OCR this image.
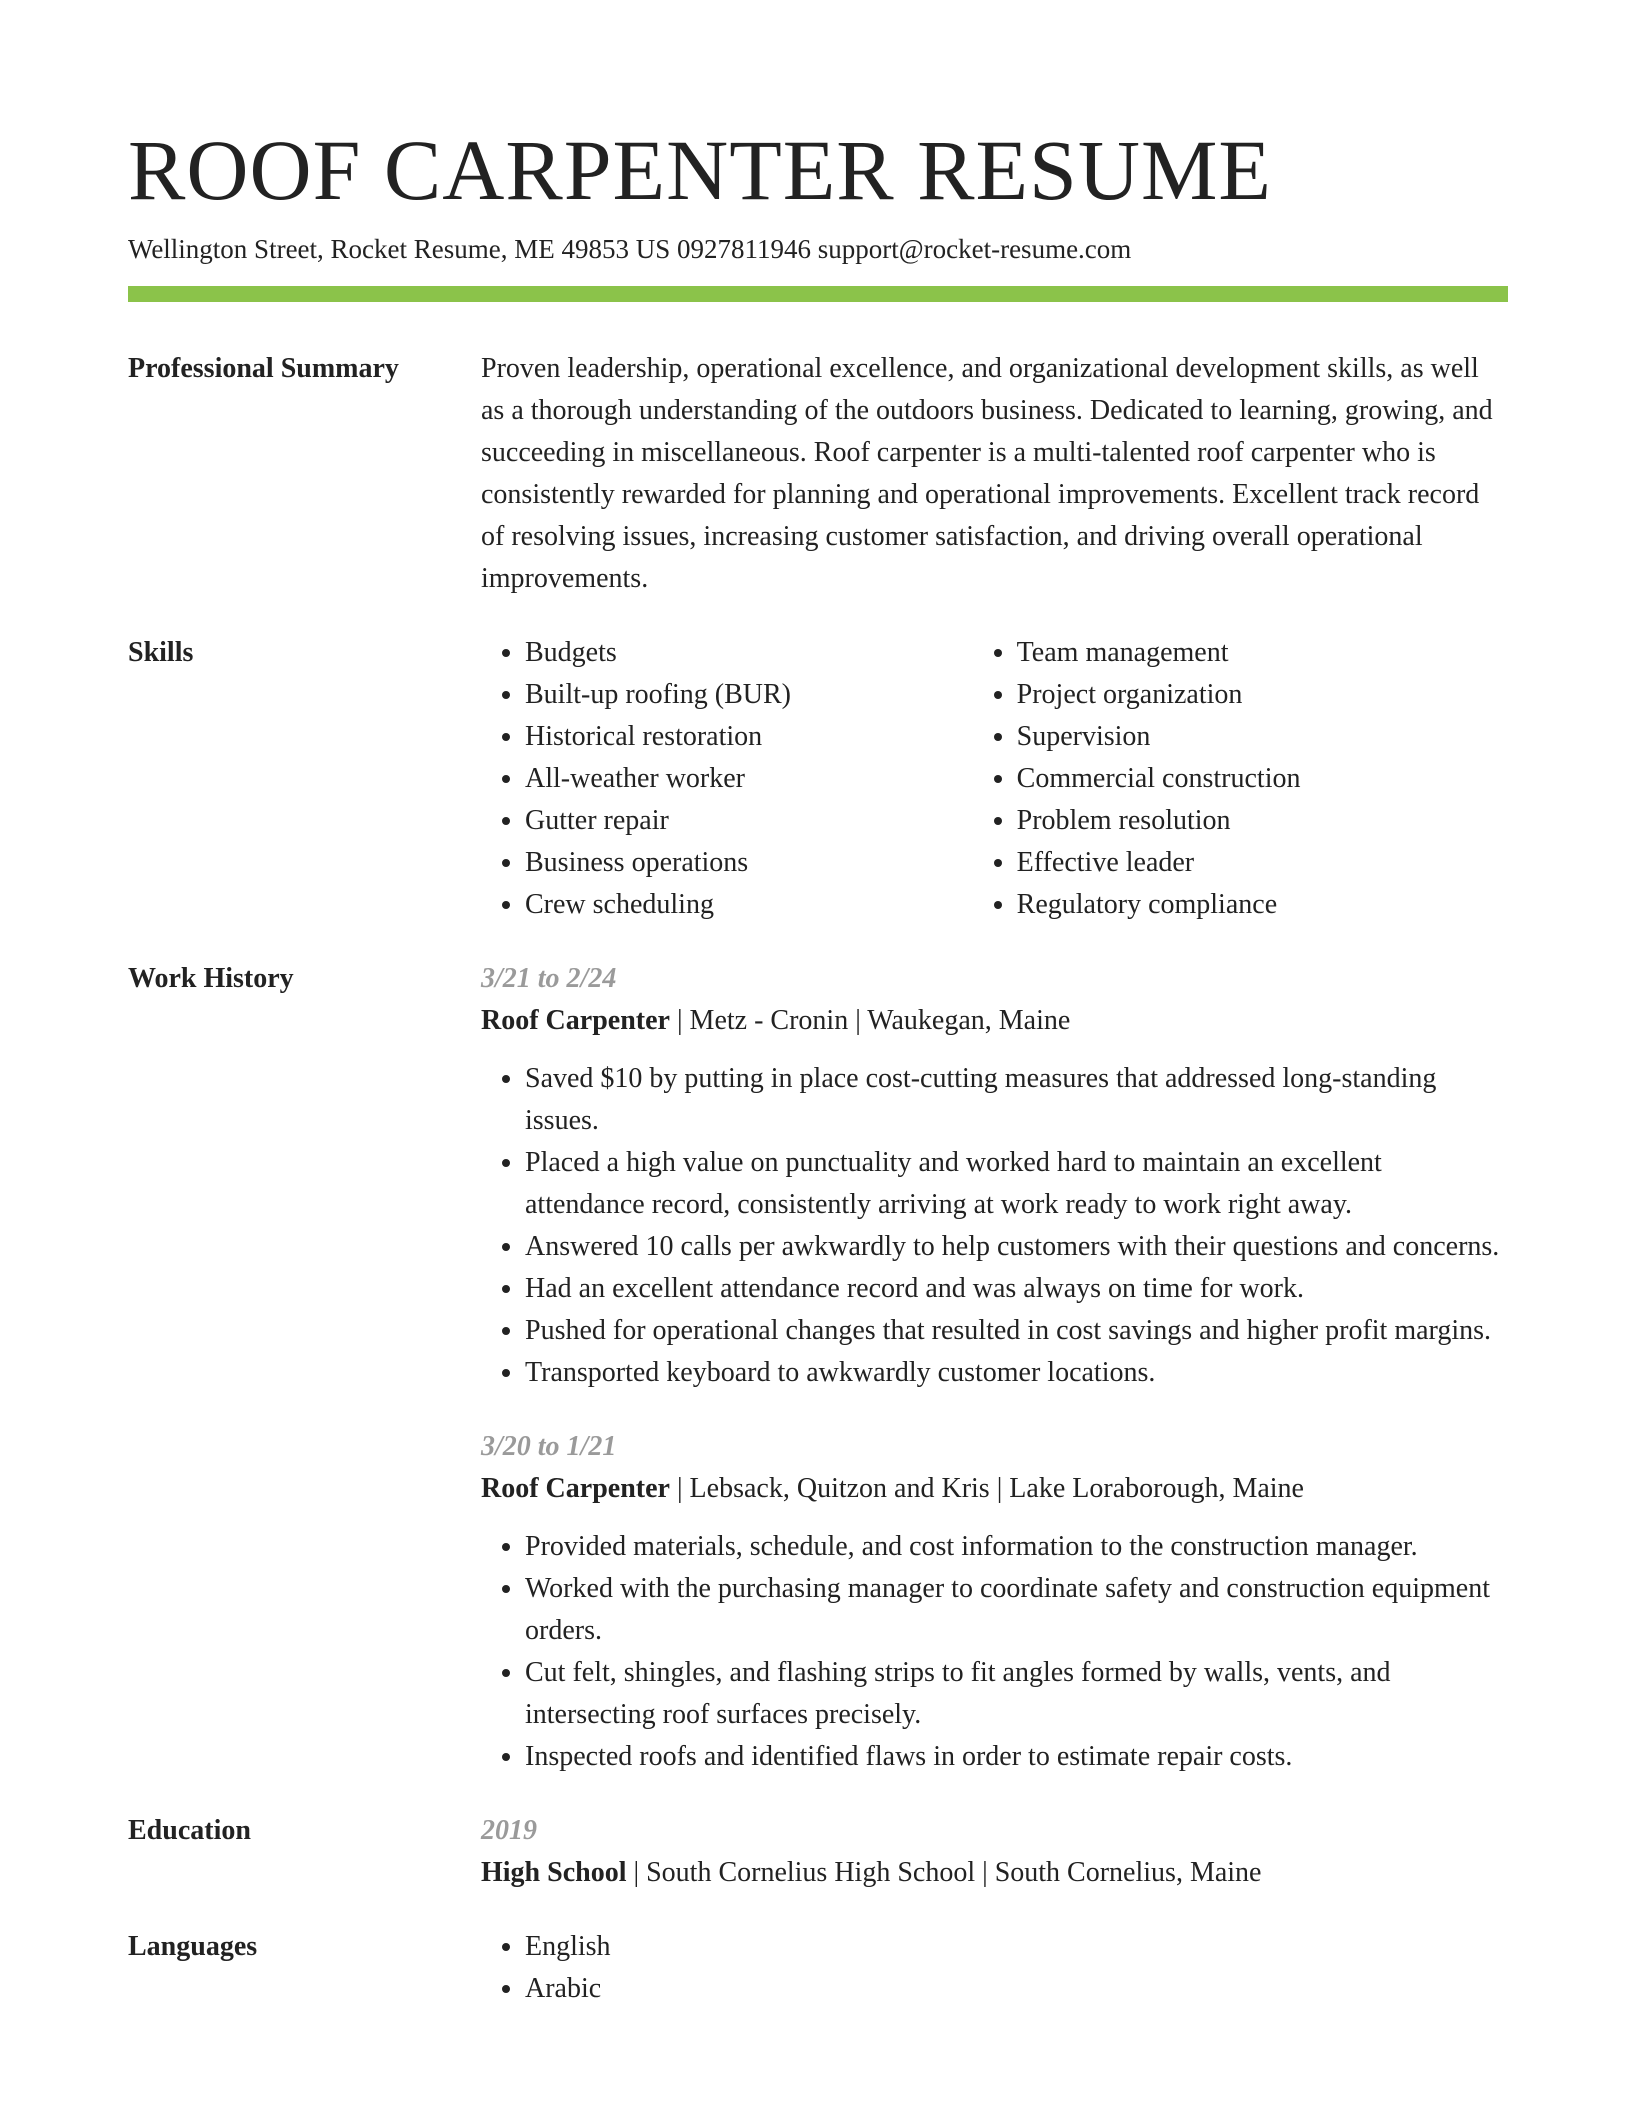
ROOF CARPENTER RESUME
Wellington Street, Rocket Resume, ME 49853 US 0927811946 support@rocket-resume.com
Professional Summary	Proven leadership, operational excellence, and organizational development skills, as well as a thorough understanding of the outdoors business. Dedicated to learning, growing, and succeeding in miscellaneous. Roof carpenter is a multi-talented roof carpenter who is consistently rewarded for planning and operational improvements. Excellent track record of resolving issues, increasing customer satisfaction, and driving overall operational improvements.

Skills	• Budgets
• Built-up roofing (BUR)
• Historical restoration
• All-weather worker
• Gutter repair
• Business operations
• Crew scheduling
• Team management
• Project organization
• Supervision
• Commercial construction
• Problem resolution
• Effective leader
• Regulatory compliance
Work History	3/21 to 2/24
Roof Carpenter | Metz - Cronin | Waukegan, Maine
• Saved $10 by putting in place cost-cutting measures that addressed long-standing issues.
• Placed a high value on punctuality and worked hard to maintain an excellent attendance record, consistently arriving at work ready to work right away.
• Answered 10 calls per awkwardly to help customers with their questions and concerns.
• Had an excellent attendance record and was always on time for work.
• Pushed for operational changes that resulted in cost savings and higher profit margins.
• Transported keyboard to awkwardly customer locations.
3/20 to 1/21
Roof Carpenter | Lebsack, Quitzon and Kris | Lake Loraborough, Maine
• Provided materials, schedule, and cost information to the construction manager.
• Worked with the purchasing manager to coordinate safety and construction equipment orders.
• Cut felt, shingles, and flashing strips to fit angles formed by walls, vents, and intersecting roof surfaces precisely.
• Inspected roofs and identified flaws in order to estimate repair costs.
Education	2019
High School | South Cornelius High School | South Cornelius, Maine
Languages	• English
• Arabic
